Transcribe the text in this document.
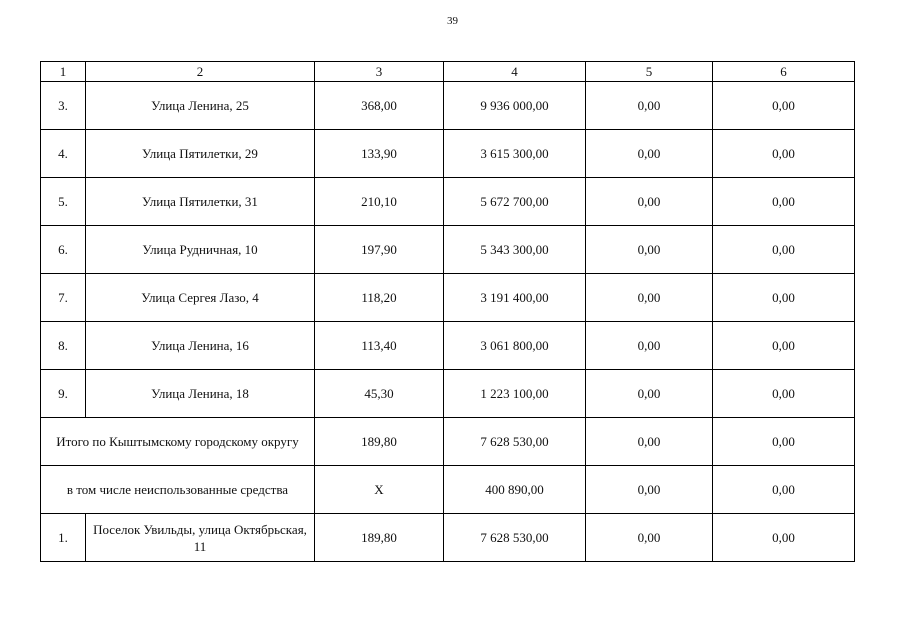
39
1	2	3	4	5	6
3.	Улица Ленина, 25	368,00	9 936 000,00	0,00	0,00
4.	Улица Пятилетки, 29	133,90	3 615 300,00	0,00	0,00
5.	Улица Пятилетки, 31	210,10	5 672 700,00	0,00	0,00
6.	Улица Рудничная, 10	197,90	5 343 300,00	0,00	0,00
7.	Улица Сергея Лазо, 4	118,20	3 191 400,00	0,00	0,00
8.	Улица Ленина, 16	113,40	3 061 800,00	0,00	0,00
9.	Улица Ленина, 18	45,30	1 223 100,00	0,00	0,00
Итого по Кыштымскому городскому округу		189,80	7 628 530,00	0,00	0,00
в том числе неиспользованные средства		X	400 890,00	0,00	0,00
1.	Поселок Увильды, улица Октябрьская, 11	189,80	7 628 530,00	0,00	0,00
